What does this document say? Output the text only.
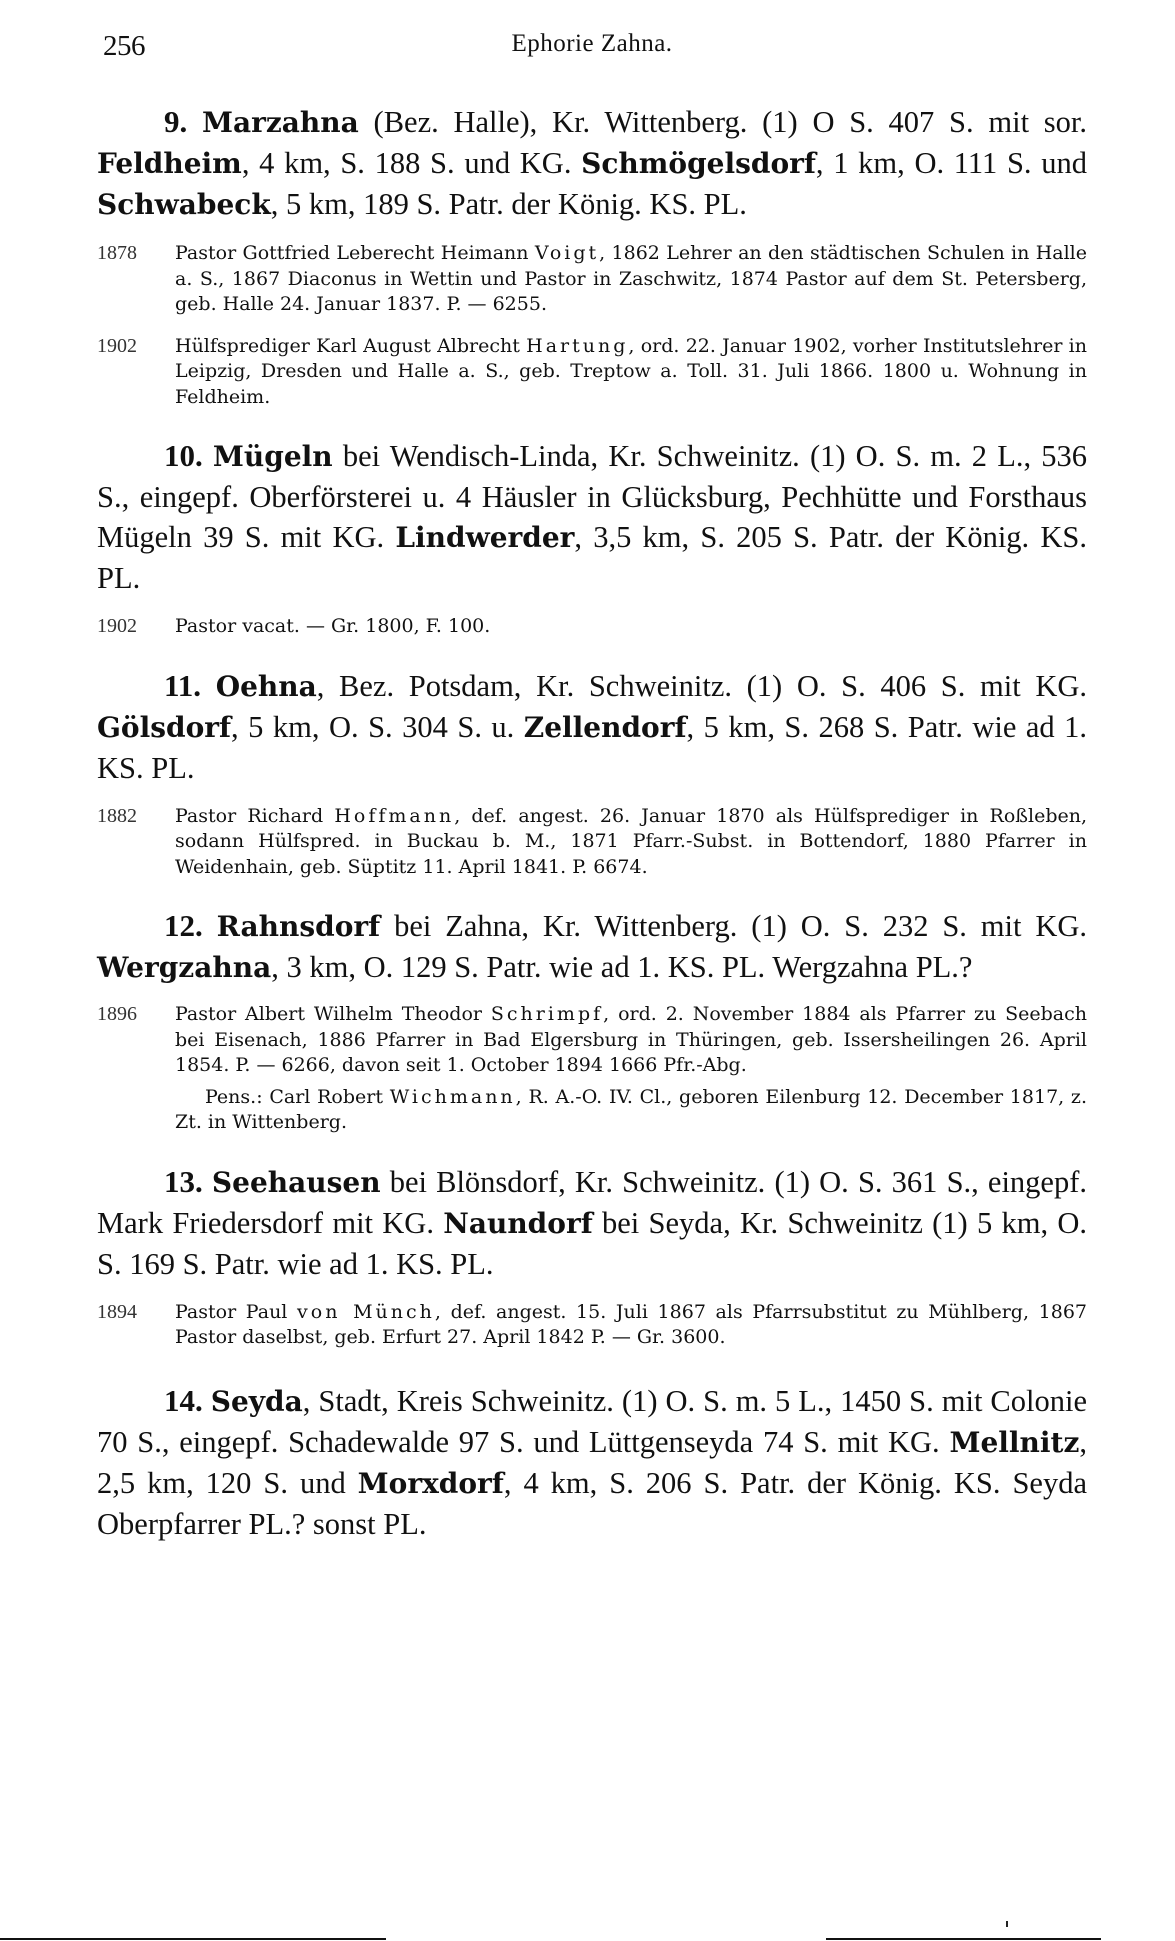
256	Ephorie Zahna.

9. Marzahna (Bez. Halle), Kr. Wittenberg. (1) O S. 407 S. mit sor. Feldheim, 4 km, S. 188 S. und KG. Schmögelsdorf, 1 km, O. 111 S. und Schwabeck, 5 km, 189 S. Patr. der König. KS. PL.

1878 Pastor Gottfried Leberecht Heimann Voigt, 1862 Lehrer an den städtischen Schulen in Halle a. S., 1867 Diaconus in Wettin und Pastor in Zaschwitz, 1874 Pastor auf dem St. Petersberg, geb. Halle 24. Januar 1837. P. — 6255.

1902 Hülfsprediger Karl August Albrecht Hartung, ord. 22. Januar 1902, vorher Institutslehrer in Leipzig, Dresden und Halle a. S., geb. Treptow a. Toll. 31. Juli 1866. 1800 u. Wohnung in Feldheim.

10. Mügeln bei Wendisch-Linda, Kr. Schweinitz. (1) O. S. m. 2 L., 536 S., eingepf. Oberförsterei u. 4 Häusler in Glücksburg, Pechhütte und Forsthaus Mügeln 39 S. mit KG. Lindwerder, 3,5 km, S. 205 S. Patr. der König. KS. PL.

1902 Pastor vacat. — Gr. 1800, F. 100.

11. Oehna, Bez. Potsdam, Kr. Schweinitz. (1) O. S. 406 S. mit KG. Gölsdorf, 5 km, O. S. 304 S. u. Zellendorf, 5 km, S. 268 S. Patr. wie ad 1. KS. PL.

1882 Pastor Richard Hoffmann, def. angest. 26. Januar 1870 als Hülfsprediger in Roßleben, sodann Hülfspred. in Buckau b. M., 1871 Pfarr.-Subst. in Bottendorf, 1880 Pfarrer in Weidenhain, geb. Süptitz 11. April 1841. P. 6674.

12. Rahnsdorf bei Zahna, Kr. Wittenberg. (1) O. S. 232 S. mit KG. Wergzahna, 3 km, O. 129 S. Patr. wie ad 1. KS. PL. Wergzahna PL.?

1896 Pastor Albert Wilhelm Theodor Schrimpf, ord. 2. November 1884 als Pfarrer zu Seebach bei Eisenach, 1886 Pfarrer in Bad Elgersburg in Thüringen, geb. Issersheilingen 26. April 1854. P. — 6266, davon seit 1. October 1894 1666 Pfr.-Abg.

Pens.: Carl Robert Wichmann, R. A.-O. IV. Cl., geboren Eilenburg 12. December 1817, z. Zt. in Wittenberg.

13. Seehausen bei Blönsdorf, Kr. Schweinitz. (1) O. S. 361 S., eingepf. Mark Friedersdorf mit KG. Naundorf bei Seyda, Kr. Schweinitz (1) 5 km, O. S. 169 S. Patr. wie ad 1. KS. PL.

1894 Pastor Paul von Münch, def. angest. 15. Juli 1867 als Pfarrsubstitut zu Mühlberg, 1867 Pastor daselbst, geb. Erfurt 27. April 1842 P. — Gr. 3600.

14. Seyda, Stadt, Kreis Schweinitz. (1) O. S. m. 5 L., 1450 S. mit Colonie 70 S., eingepf. Schadewalde 97 S. und Lüttgenseyda 74 S. mit KG. Mellnitz, 2,5 km, 120 S. und Morxdorf, 4 km, S. 206 S. Patr. der König. KS. Seyda Oberpfarrer PL.? sonst PL.
